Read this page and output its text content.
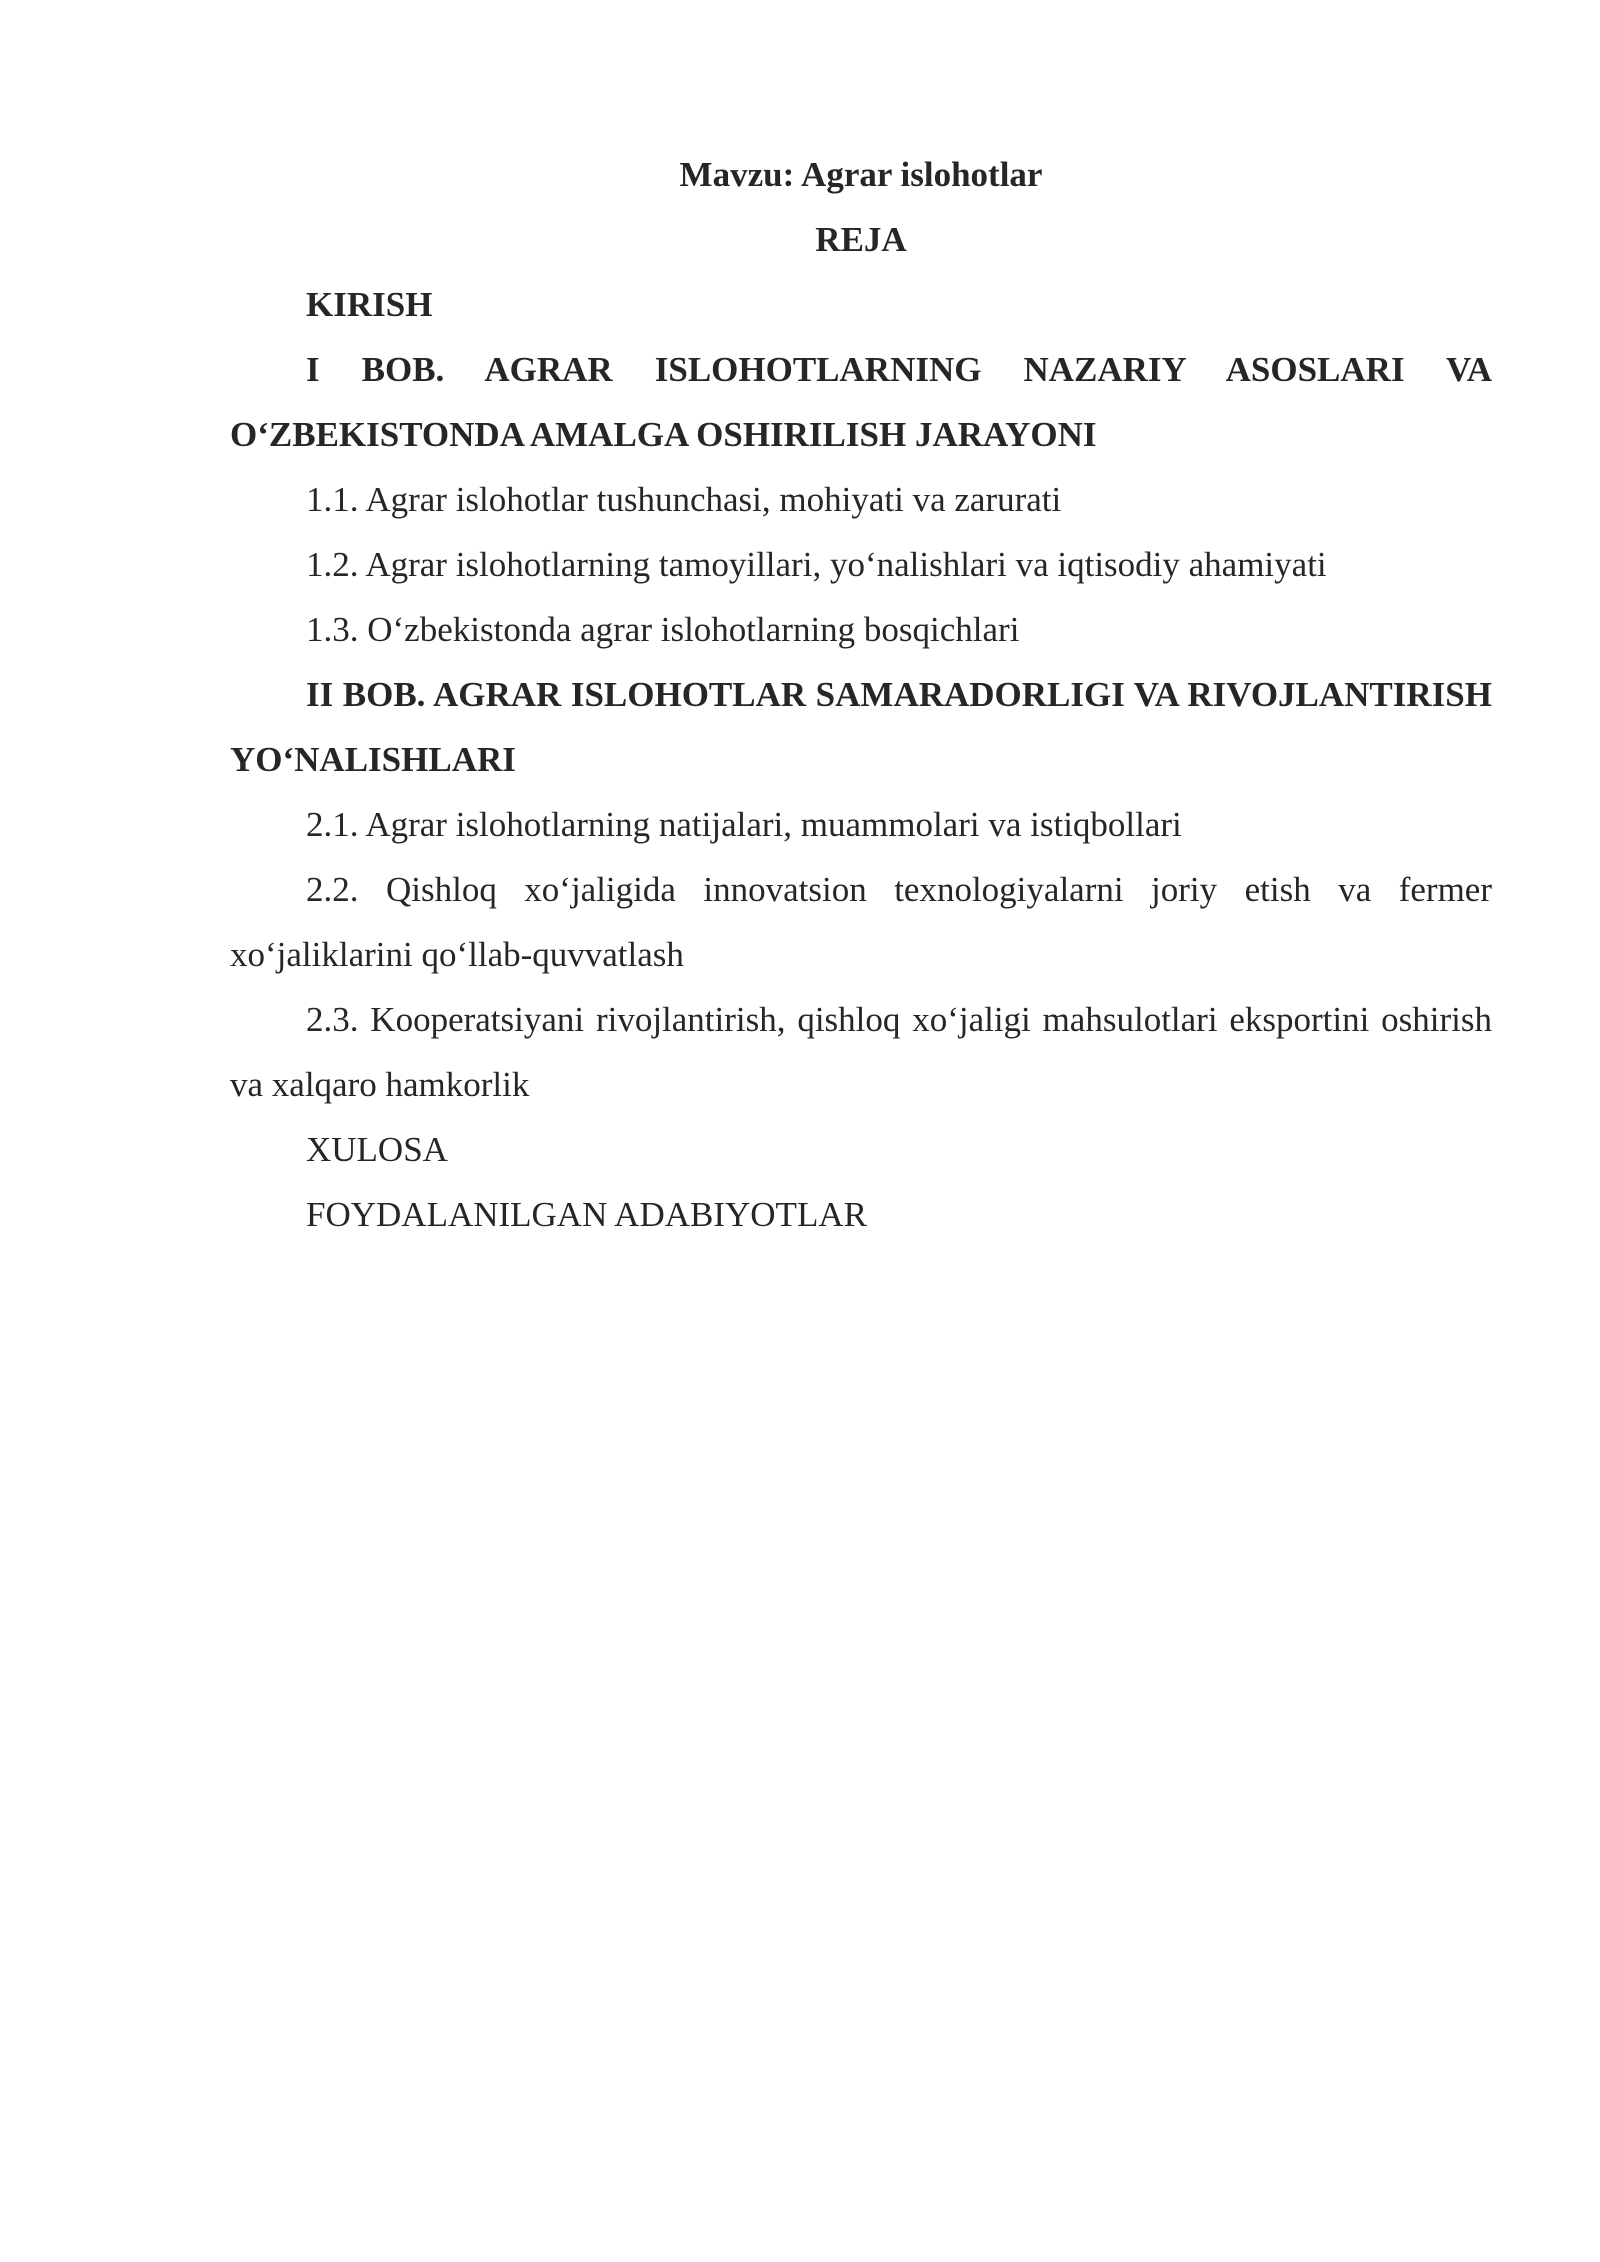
Mavzu: Agrar islohotlar

REJA

KIRISH

I BOB. AGRAR ISLOHOTLARNING NAZARIY ASOSLARI VA O‘ZBEKISTONDA AMALGA OSHIRILISH JARAYONI

1.1. Agrar islohotlar tushunchasi, mohiyati va zarurati

1.2. Agrar islohotlarning tamoyillari, yo‘nalishlari va iqtisodiy ahamiyati

1.3. O‘zbekistonda agrar islohotlarning bosqichlari

II BOB. AGRAR ISLOHOTLAR SAMARADORLIGI VA RIVOJLANTIRISH YO‘NALISHLARI

2.1. Agrar islohotlarning natijalari, muammolari va istiqbollari

2.2. Qishloq xo‘jaligida innovatsion texnologiyalarni joriy etish va fermer xo‘jaliklarini qo‘llab-quvvatlash

2.3. Kooperatsiyani rivojlantirish, qishloq xo‘jaligi mahsulotlari eksportini oshirish va xalqaro hamkorlik

XULOSA

FOYDALANILGAN ADABIYOTLAR
